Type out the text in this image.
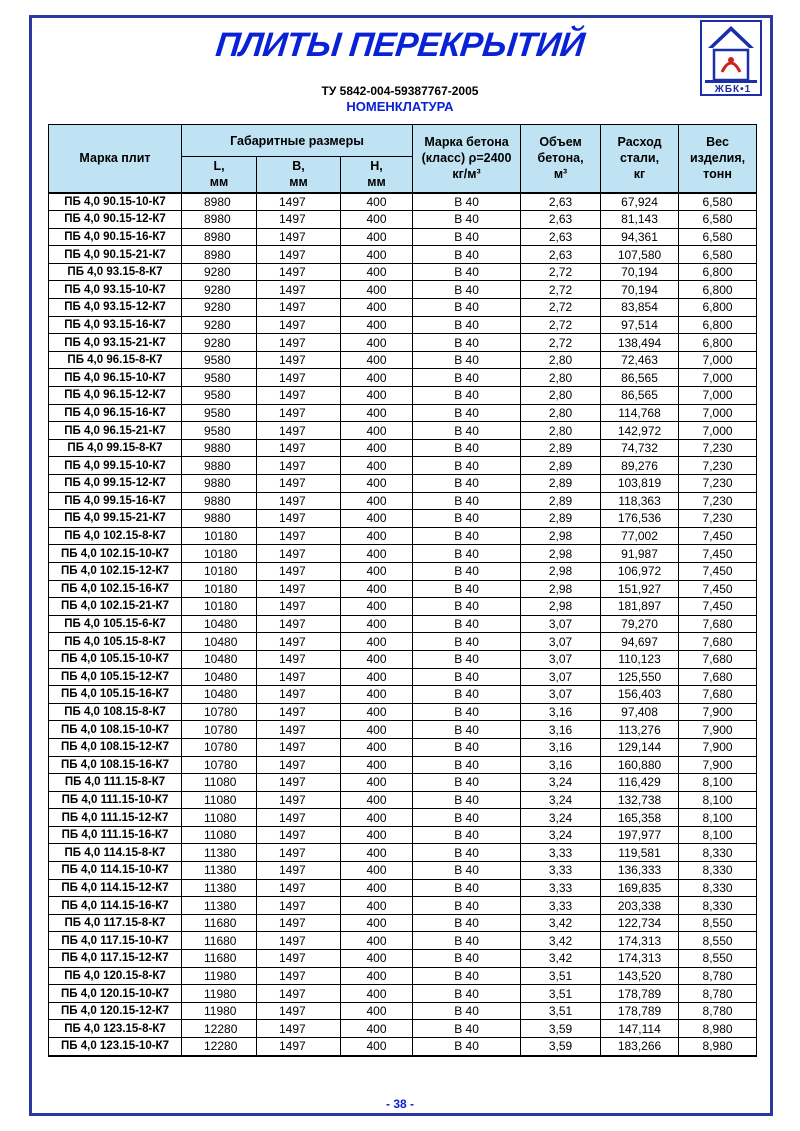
ПЛИТЫ ПЕРЕКРЫТИЙ
ЖБК•1
ТУ 5842-004-59387767-2005
НОМЕНКЛАТУРА
Марка плит	Габаритные размеры			Марка бетона (класс) ρ=2400 кг/м³	Объем бетона, м³	Расход стали, кг	Вес изделия, тонн
	L, мм	B, мм	H, мм				
ПБ 4,0 90.15-10-К7	8980	1497	400	В 40	2,63	67,924	6,580
ПБ 4,0 90.15-12-К7	8980	1497	400	В 40	2,63	81,143	6,580
ПБ 4,0 90.15-16-К7	8980	1497	400	В 40	2,63	94,361	6,580
ПБ 4,0 90.15-21-К7	8980	1497	400	В 40	2,63	107,580	6,580
ПБ 4,0 93.15-8-К7	9280	1497	400	В 40	2,72	70,194	6,800
ПБ 4,0 93.15-10-К7	9280	1497	400	В 40	2,72	70,194	6,800
ПБ 4,0 93.15-12-К7	9280	1497	400	В 40	2,72	83,854	6,800
ПБ 4,0 93.15-16-К7	9280	1497	400	В 40	2,72	97,514	6,800
ПБ 4,0 93.15-21-К7	9280	1497	400	В 40	2,72	138,494	6,800
ПБ 4,0 96.15-8-К7	9580	1497	400	В 40	2,80	72,463	7,000
ПБ 4,0 96.15-10-К7	9580	1497	400	В 40	2,80	86,565	7,000
ПБ 4,0 96.15-12-К7	9580	1497	400	В 40	2,80	86,565	7,000
ПБ 4,0 96.15-16-К7	9580	1497	400	В 40	2,80	114,768	7,000
ПБ 4,0 96.15-21-К7	9580	1497	400	В 40	2,80	142,972	7,000
ПБ 4,0 99.15-8-К7	9880	1497	400	В 40	2,89	74,732	7,230
ПБ 4,0 99.15-10-К7	9880	1497	400	В 40	2,89	89,276	7,230
ПБ 4,0 99.15-12-К7	9880	1497	400	В 40	2,89	103,819	7,230
ПБ 4,0 99.15-16-К7	9880	1497	400	В 40	2,89	118,363	7,230
ПБ 4,0 99.15-21-К7	9880	1497	400	В 40	2,89	176,536	7,230
ПБ 4,0 102.15-8-К7	10180	1497	400	В 40	2,98	77,002	7,450
ПБ 4,0 102.15-10-К7	10180	1497	400	В 40	2,98	91,987	7,450
ПБ 4,0 102.15-12-К7	10180	1497	400	В 40	2,98	106,972	7,450
ПБ 4,0 102.15-16-К7	10180	1497	400	В 40	2,98	151,927	7,450
ПБ 4,0 102.15-21-К7	10180	1497	400	В 40	2,98	181,897	7,450
ПБ 4,0 105.15-6-К7	10480	1497	400	В 40	3,07	79,270	7,680
ПБ 4,0 105.15-8-К7	10480	1497	400	В 40	3,07	94,697	7,680
ПБ 4,0 105.15-10-К7	10480	1497	400	В 40	3,07	110,123	7,680
ПБ 4,0 105.15-12-К7	10480	1497	400	В 40	3,07	125,550	7,680
ПБ 4,0 105.15-16-К7	10480	1497	400	В 40	3,07	156,403	7,680
ПБ 4,0 108.15-8-К7	10780	1497	400	В 40	3,16	97,408	7,900
ПБ 4,0 108.15-10-К7	10780	1497	400	В 40	3,16	113,276	7,900
ПБ 4,0 108.15-12-К7	10780	1497	400	В 40	3,16	129,144	7,900
ПБ 4,0 108.15-16-К7	10780	1497	400	В 40	3,16	160,880	7,900
ПБ 4,0 111.15-8-К7	11080	1497	400	В 40	3,24	116,429	8,100
ПБ 4,0 111.15-10-К7	11080	1497	400	В 40	3,24	132,738	8,100
ПБ 4,0 111.15-12-К7	11080	1497	400	В 40	3,24	165,358	8,100
ПБ 4,0 111.15-16-К7	11080	1497	400	В 40	3,24	197,977	8,100
ПБ 4,0 114.15-8-К7	11380	1497	400	В 40	3,33	119,581	8,330
ПБ 4,0 114.15-10-К7	11380	1497	400	В 40	3,33	136,333	8,330
ПБ 4,0 114.15-12-К7	11380	1497	400	В 40	3,33	169,835	8,330
ПБ 4,0 114.15-16-К7	11380	1497	400	В 40	3,33	203,338	8,330
ПБ 4,0 117.15-8-К7	11680	1497	400	В 40	3,42	122,734	8,550
ПБ 4,0 117.15-10-К7	11680	1497	400	В 40	3,42	174,313	8,550
ПБ 4,0 117.15-12-К7	11680	1497	400	В 40	3,42	174,313	8,550
ПБ 4,0 120.15-8-К7	11980	1497	400	В 40	3,51	143,520	8,780
ПБ 4,0 120.15-10-К7	11980	1497	400	В 40	3,51	178,789	8,780
ПБ 4,0 120.15-12-К7	11980	1497	400	В 40	3,51	178,789	8,780
ПБ 4,0 123.15-8-К7	12280	1497	400	В 40	3,59	147,114	8,980
ПБ 4,0 123.15-10-К7	12280	1497	400	В 40	3,59	183,266	8,980
- 38 -
